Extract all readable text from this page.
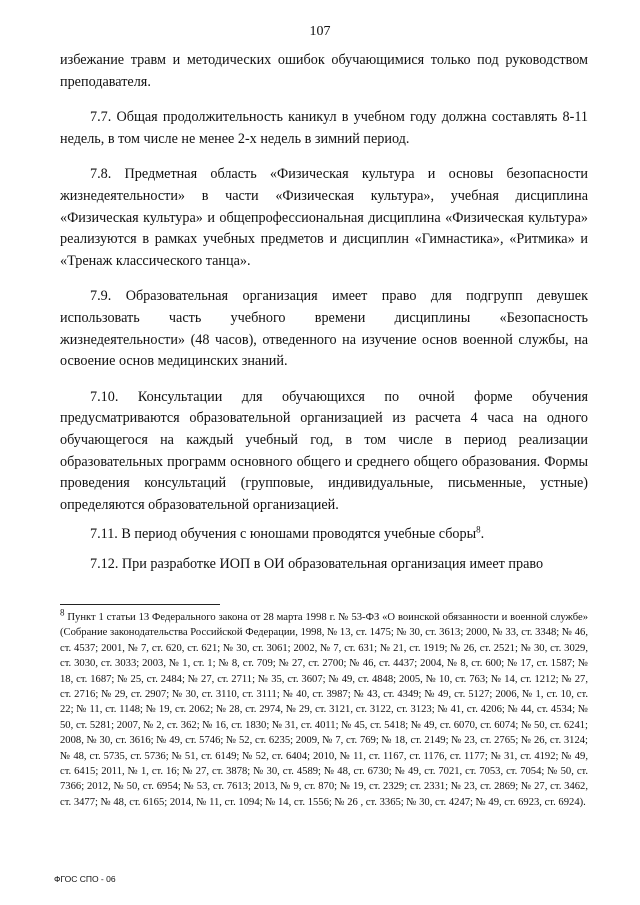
107

избежание травм и методических ошибок обучающимися только под руководством преподавателя.

7.7. Общая продолжительность каникул в учебном году должна составлять 8-11 недель, в том числе не менее 2-х недель в зимний период.

7.8. Предметная область «Физическая культура и основы безопасности жизнедеятельности» в части «Физическая культура», учебная дисциплина «Физическая культура» и общепрофессиональная дисциплина «Физическая культура» реализуются в рамках учебных предметов и дисциплин «Гимнастика», «Ритмика» и «Тренаж классического танца».

7.9. Образовательная организация имеет право для подгрупп девушек использовать часть учебного времени дисциплины «Безопасность жизнедеятельности» (48 часов), отведенного на изучение основ военной службы, на освоение основ медицинских знаний.

7.10. Консультации для обучающихся по очной форме обучения предусматриваются образовательной организацией из расчета 4 часа на одного обучающегося на каждый учебный год, в том числе в период реализации образовательных программ основного общего и среднего общего образования. Формы проведения консультаций (групповые, индивидуальные, письменные, устные) определяются образовательной организацией.

7.11. В период обучения с юношами проводятся учебные сборы$^8$.

7.12. При разработке ИОП в ОИ образовательная организация имеет право

$^8$ Пункт 1 статьи 13 Федерального закона от 28 марта 1998 г. № 53-ФЗ «О воинской обязанности и военной службе» (Собрание законодательства Российской Федерации, 1998, № 13, ст. 1475; № 30, ст. 3613; 2000, № 33, ст. 3348; № 46, ст. 4537; 2001, № 7, ст. 620, ст. 621; № 30, ст. 3061; 2002, № 7, ст. 631; № 21, ст. 1919; № 26, ст. 2521; № 30, ст. 3029, ст. 3030, ст. 3033; 2003, № 1, ст. 1; № 8, ст. 709; № 27, ст. 2700; № 46, ст. 4437; 2004, № 8, ст. 600; № 17, ст. 1587; № 18, ст. 1687; № 25, ст. 2484; № 27, ст. 2711; № 35, ст. 3607; № 49, ст. 4848; 2005, № 10, ст. 763; № 14, ст. 1212; № 27, ст. 2716; № 29, ст. 2907; № 30, ст. 3110, ст. 3111; № 40, ст. 3987; № 43, ст. 4349; № 49, ст. 5127; 2006, № 1, ст. 10, ст. 22; № 11, ст. 1148; № 19, ст. 2062; № 28, ст. 2974, № 29, ст. 3121, ст. 3122, ст. 3123; № 41, ст. 4206; № 44, ст. 4534; № 50, ст. 5281; 2007, № 2, ст. 362; № 16, ст. 1830; № 31, ст. 4011; № 45, ст. 5418; № 49, ст. 6070, ст. 6074; № 50, ст. 6241; 2008, № 30, ст. 3616; № 49, ст. 5746; № 52, ст. 6235; 2009, № 7, ст. 769; № 18, ст. 2149; № 23, ст. 2765; № 26, ст. 3124; № 48, ст. 5735, ст. 5736; № 51, ст. 6149; № 52, ст. 6404; 2010, № 11, ст. 1167, ст. 1176, ст. 1177; № 31, ст. 4192; № 49, ст. 6415; 2011, № 1, ст. 16; № 27, ст. 3878; № 30, ст. 4589; № 48, ст. 6730; № 49, ст. 7021, ст. 7053, ст. 7054; № 50, ст. 7366; 2012, № 50, ст. 6954; № 53, ст. 7613; 2013, № 9, ст. 870; № 19, ст. 2329; ст. 2331; № 23, ст. 2869; № 27, ст. 3462, ст. 3477; № 48, ст. 6165; 2014, № 11, ст. 1094; № 14, ст. 1556; № 26 , ст. 3365; № 30, ст. 4247; № 49, ст. 6923, ст. 6924).
ФГОС СПО - 06
